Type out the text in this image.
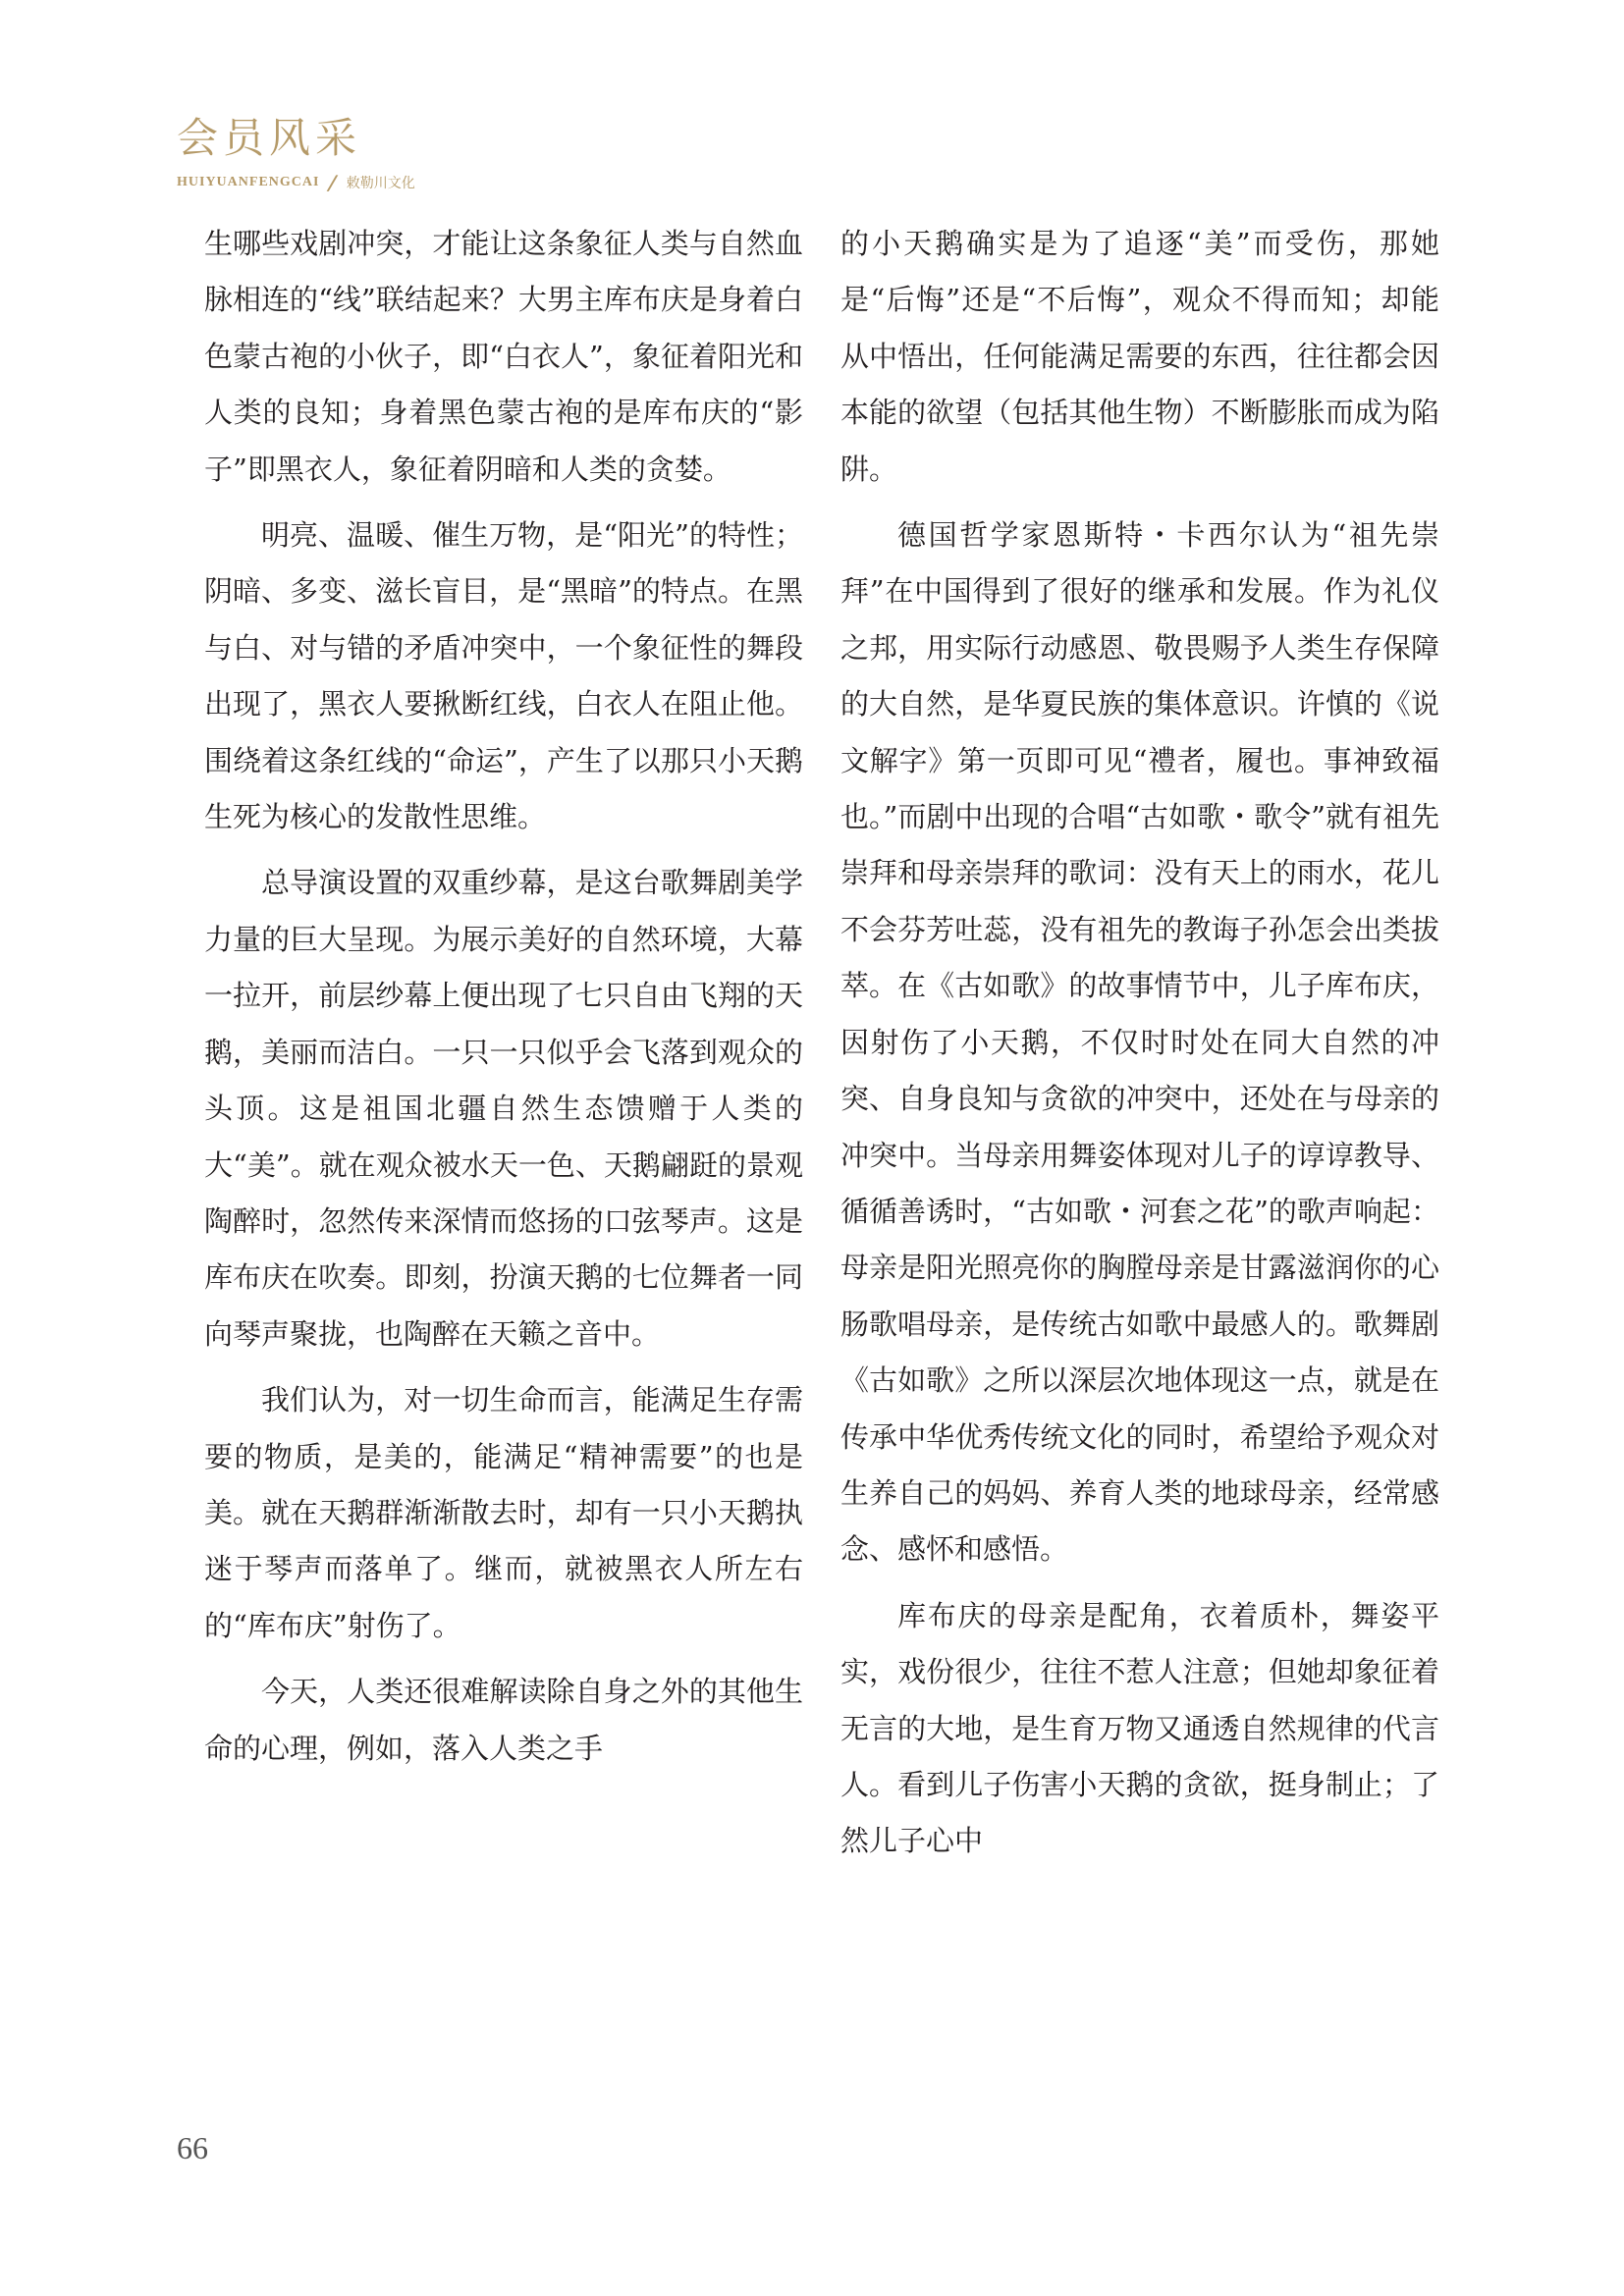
会员风采
HUIYUANFENGCAI / 敕勒川文化

生哪些戏剧冲突，才能让这条象征人类与自然血脉相连的“线”联结起来？大男主库布庆是身着白色蒙古袍的小伙子，即“白衣人”，象征着阳光和人类的良知；身着黑色蒙古袍的是库布庆的“影子”即黑衣人，象征着阴暗和人类的贪婪。

明亮、温暖、催生万物，是“阳光”的特性；阴暗、多变、滋长盲目，是“黑暗”的特点。在黑与白、对与错的矛盾冲突中，一个象征性的舞段出现了，黑衣人要揪断红线，白衣人在阻止他。围绕着这条红线的“命运”，产生了以那只小天鹅生死为核心的发散性思维。

总导演设置的双重纱幕，是这台歌舞剧美学力量的巨大呈现。为展示美好的自然环境，大幕一拉开，前层纱幕上便出现了七只自由飞翔的天鹅，美丽而洁白。一只一只似乎会飞落到观众的头顶。这是祖国北疆自然生态馈赠于人类的大“美”。就在观众被水天一色、天鹅翩跹的景观陶醉时，忽然传来深情而悠扬的口弦琴声。这是库布庆在吹奏。即刻，扮演天鹅的七位舞者一同向琴声聚拢，也陶醉在天籁之音中。

我们认为，对一切生命而言，能满足生存需要的物质，是美的，能满足“精神需要”的也是美。就在天鹅群渐渐散去时，却有一只小天鹅执迷于琴声而落单了。继而，就被黑衣人所左右的“库布庆”射伤了。

今天，人类还很难解读除自身之外的其他生命的心理，例如，落入人类之手

的小天鹅确实是为了追逐“美”而受伤，那她是“后悔”还是“不后悔”，观众不得而知；却能从中悟出，任何能满足需要的东西，往往都会因本能的欲望（包括其他生物）不断膨胀而成为陷阱。

德国哲学家恩斯特・卡西尔认为“祖先崇拜”在中国得到了很好的继承和发展。作为礼仪之邦，用实际行动感恩、敬畏赐予人类生存保障的大自然，是华夏民族的集体意识。许慎的《说文解字》第一页即可见“禮者，履也。事神致福也。”而剧中出现的合唱“古如歌・歌令”就有祖先崇拜和母亲崇拜的歌词：没有天上的雨水，花儿不会芬芳吐蕊，没有祖先的教诲子孙怎会出类拔萃。在《古如歌》的故事情节中，儿子库布庆，因射伤了小天鹅，不仅时时处在同大自然的冲突、自身良知与贪欲的冲突中，还处在与母亲的冲突中。当母亲用舞姿体现对儿子的谆谆教导、循循善诱时，“古如歌・河套之花”的歌声响起：母亲是阳光照亮你的胸膛母亲是甘露滋润你的心肠歌唱母亲，是传统古如歌中最感人的。歌舞剧《古如歌》之所以深层次地体现这一点，就是在传承中华优秀传统文化的同时，希望给予观众对生养自己的妈妈、养育人类的地球母亲，经常感念、感怀和感悟。

库布庆的母亲是配角，衣着质朴，舞姿平实，戏份很少，往往不惹人注意；但她却象征着无言的大地，是生育万物又通透自然规律的代言人。看到儿子伤害小天鹅的贪欲，挺身制止；了然儿子心中

66
